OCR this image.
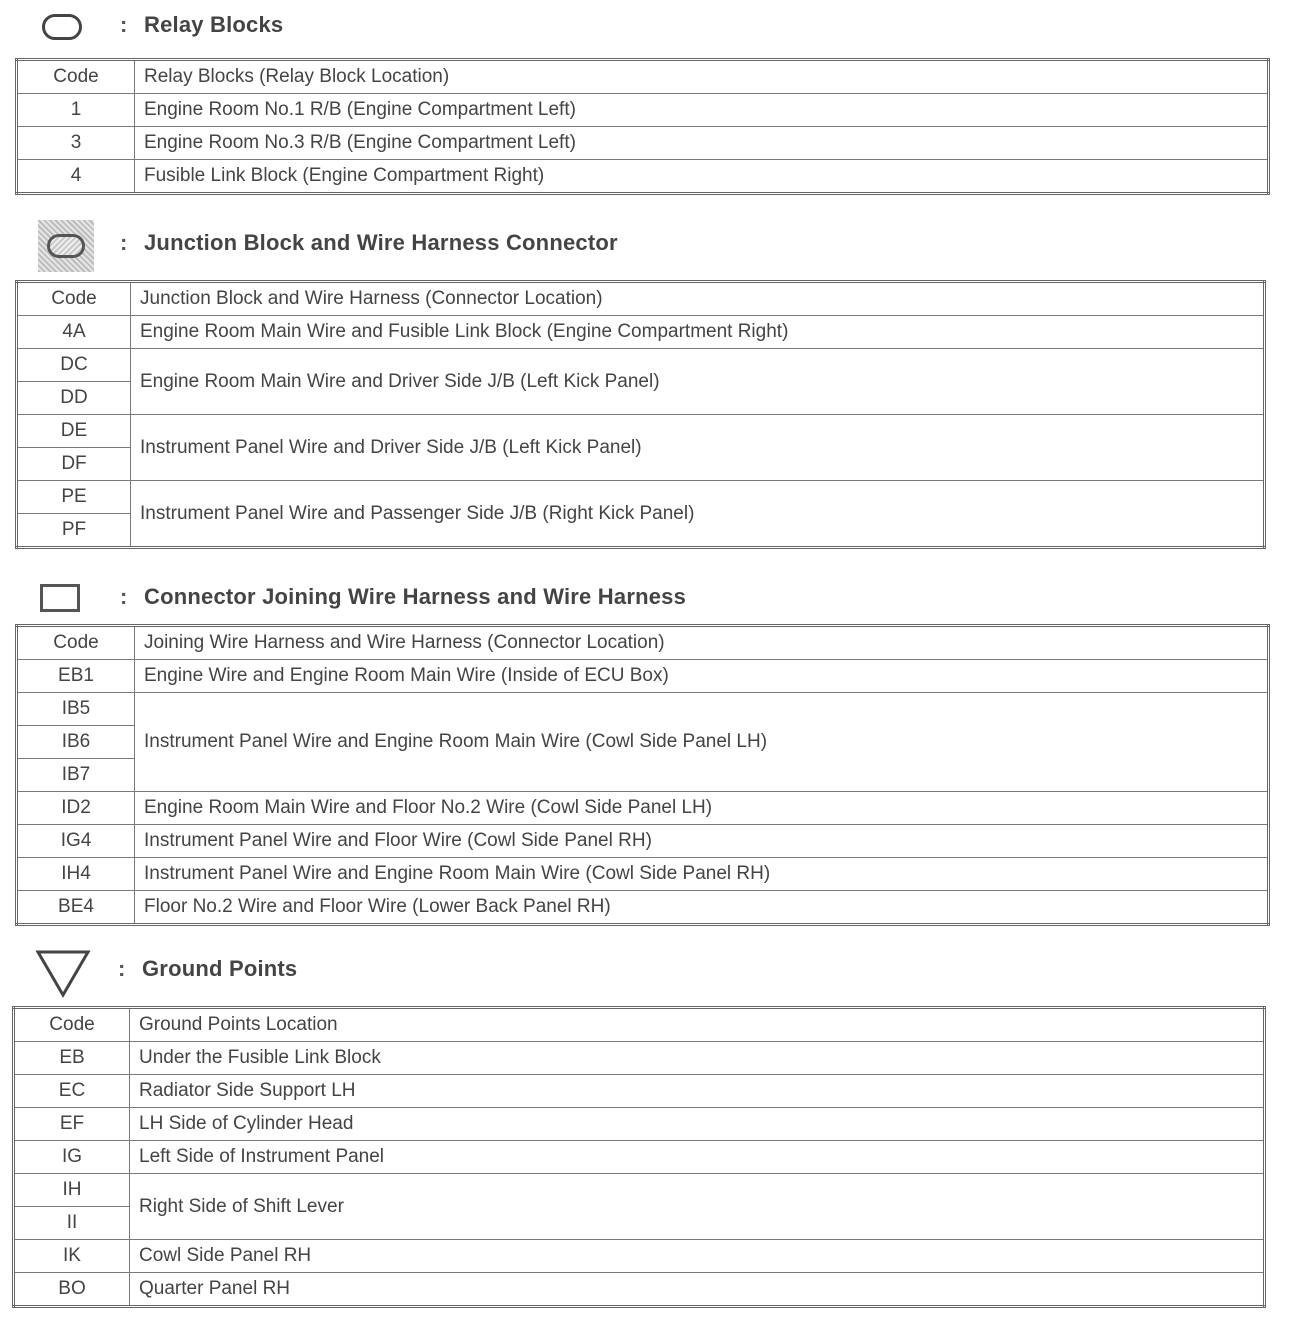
: Relay Blocks
Code	Relay Blocks (Relay Block Location)
1	Engine Room No.1 R/B (Engine Compartment Left)
3	Engine Room No.3 R/B (Engine Compartment Left)
4	Fusible Link Block (Engine Compartment Right)
: Junction Block and Wire Harness Connector
Code	Junction Block and Wire Harness (Connector Location)
4A	Engine Room Main Wire and Fusible Link Block (Engine Compartment Right)
DC	Engine Room Main Wire and Driver Side J/B (Left Kick Panel)
DD	
DE	Instrument Panel Wire and Driver Side J/B (Left Kick Panel)
DF	
PE	Instrument Panel Wire and Passenger Side J/B (Right Kick Panel)
PF	
: Connector Joining Wire Harness and Wire Harness
Code	Joining Wire Harness and Wire Harness (Connector Location)
EB1	Engine Wire and Engine Room Main Wire (Inside of ECU Box)
IB5	Instrument Panel Wire and Engine Room Main Wire (Cowl Side Panel LH)
IB6	
IB7	
ID2	Engine Room Main Wire and Floor No.2 Wire (Cowl Side Panel LH)
IG4	Instrument Panel Wire and Floor Wire (Cowl Side Panel RH)
IH4	Instrument Panel Wire and Engine Room Main Wire (Cowl Side Panel RH)
BE4	Floor No.2 Wire and Floor Wire (Lower Back Panel RH)
: Ground Points
Code	Ground Points Location
EB	Under the Fusible Link Block
EC	Radiator Side Support LH
EF	LH Side of Cylinder Head
IG	Left Side of Instrument Panel
IH	Right Side of Shift Lever
II	
IK	Cowl Side Panel RH
BO	Quarter Panel RH
